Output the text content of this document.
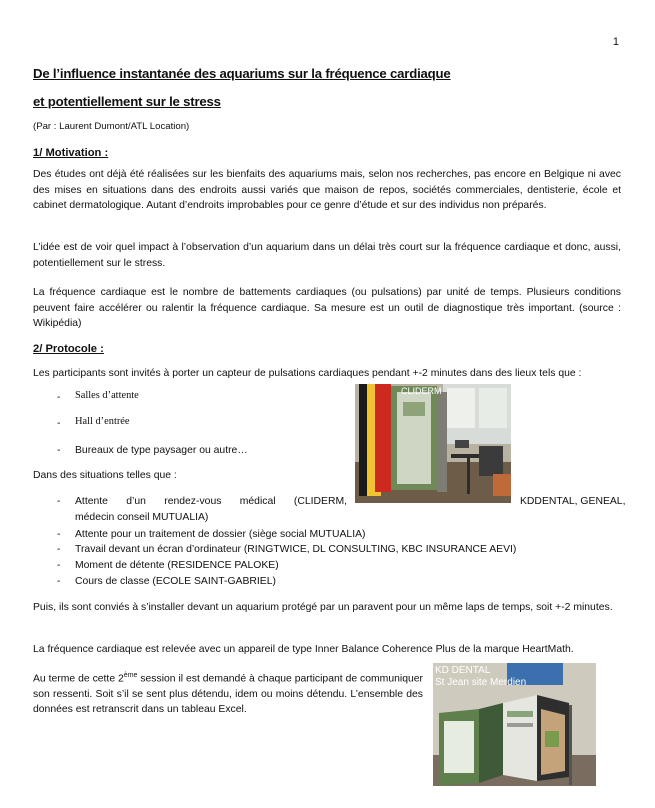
1
De l’influence instantanée des aquariums sur la fréquence cardiaque
et potentiellement sur le stress
(Par : Laurent Dumont/ATL Location)
1/ Motivation :
Des études ont déjà été réalisées sur les bienfaits des aquariums mais, selon nos recherches, pas encore en Belgique ni avec des mises en situations dans des endroits aussi variés que maison de repos, sociétés commerciales, dentisterie, école et cabinet dermatologique. Autant d’endroits improbables pour ce genre d’étude et sur des individus non préparés.
L’idée est de voir quel impact à l’observation d’un aquarium dans un délai très court sur la fréquence cardiaque et donc, aussi, potentiellement sur le stress.
La fréquence cardiaque est le nombre de battements cardiaques (ou pulsations) par unité de temps. Plusieurs conditions peuvent faire accélérer ou ralentir la fréquence cardiaque. Sa mesure est un outil de diagnostique très important. (source : Wikipédia)
2/ Protocole :
Les participants sont invités à porter un capteur de pulsations cardiaques pendant +-2 minutes dans des lieux tels que :
- Salles d’attente
- Hall d’entrée
- Bureaux de type paysager ou autre…
Dans des situations telles que :
- Attente d’un rendez-vous médical (CLIDERM,	KDDENTAL, GENEAL,
médecin conseil MUTUALIA)
- Attente pour un traitement de dossier (siège social MUTUALIA)
- Travail devant un écran d’ordinateur (RINGTWICE, DL CONSULTING, KBC INSURANCE AEVI)
- Moment de détente (RESIDENCE PALOKE)
- Cours de classe (ECOLE SAINT-GABRIEL)
Puis, ils sont conviés à s’installer devant un aquarium protégé par un paravent pour un même laps de temps, soit +-2 minutes.
La fréquence cardiaque est relevée avec un appareil de type Inner Balance Coherence Plus de la marque HeartMath.
Au terme de cette 2ème session il est demandé à chaque participant de communiquer son ressenti. Soit s’il se sent plus détendu, idem ou moins détendu. L’ensemble des données est retranscrit dans un tableau Excel.
CLIDERM
KD DENTAL
St Jean site Merdien
